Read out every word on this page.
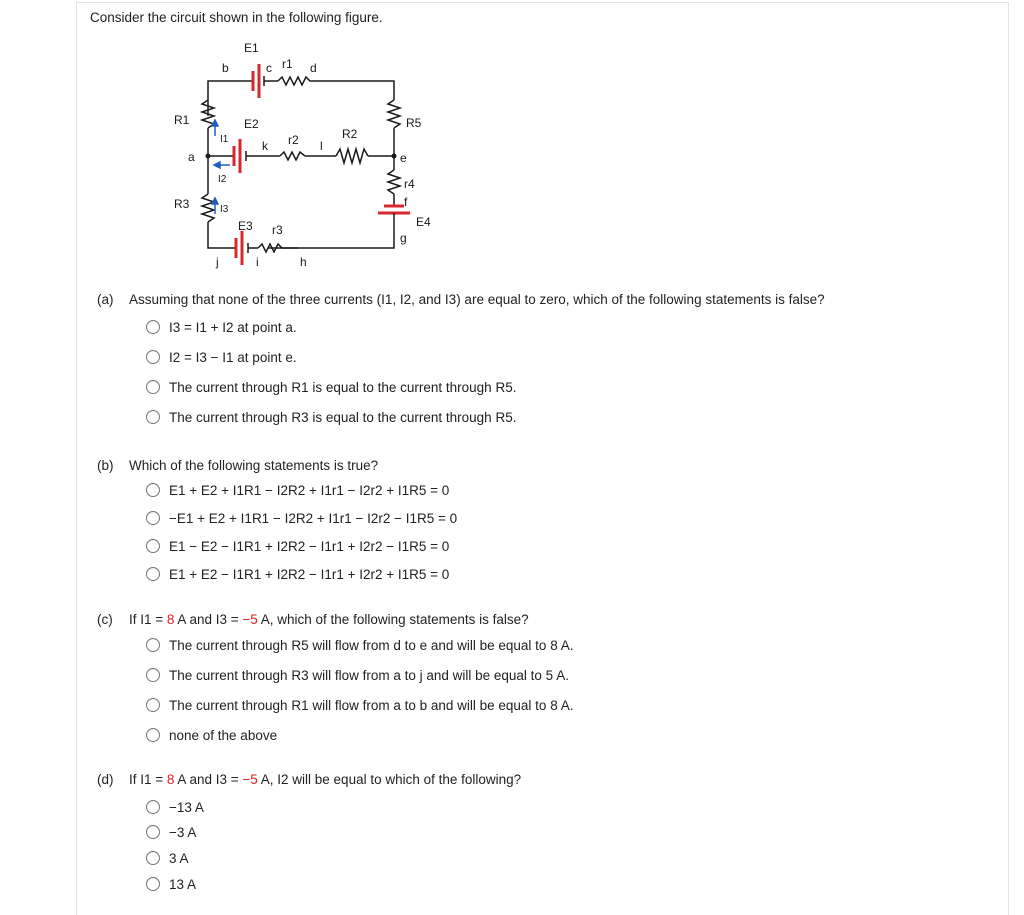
Consider the circuit shown in the following figure.
E1
b	c r1 d
R1
I1
E2
k r2 l
R2
a	e
I2	r4
R5
R3	I3
f
E4
E3 r3
g
j	i	h
(a) Assuming that none of the three currents (I1, I2, and I3) are equal to zero, which of the following statements is false?
I3 = I1 + I2 at point a.
I2 = I3 − I1 at point e.
The current through R1 is equal to the current through R5.
The current through R3 is equal to the current through R5.
(b) Which of the following statements is true?
E1 + E2 + I1R1 − I2R2 + I1r1 − I2r2 + I1R5 = 0
−E1 + E2 + I1R1 − I2R2 + I1r1 − I2r2 − I1R5 = 0
E1 − E2 − I1R1 + I2R2 − I1r1 + I2r2 − I1R5 = 0
E1 + E2 − I1R1 + I2R2 − I1r1 + I2r2 + I1R5 = 0
(c) If I1 = 8 A and I3 = −5 A, which of the following statements is false?
The current through R5 will flow from d to e and will be equal to 8 A.
The current through R3 will flow from a to j and will be equal to 5 A.
The current through R1 will flow from a to b and will be equal to 8 A.
none of the above
(d) If I1 = 8 A and I3 = −5 A, I2 will be equal to which of the following?
−13 A
−3 A
3 A
13 A
